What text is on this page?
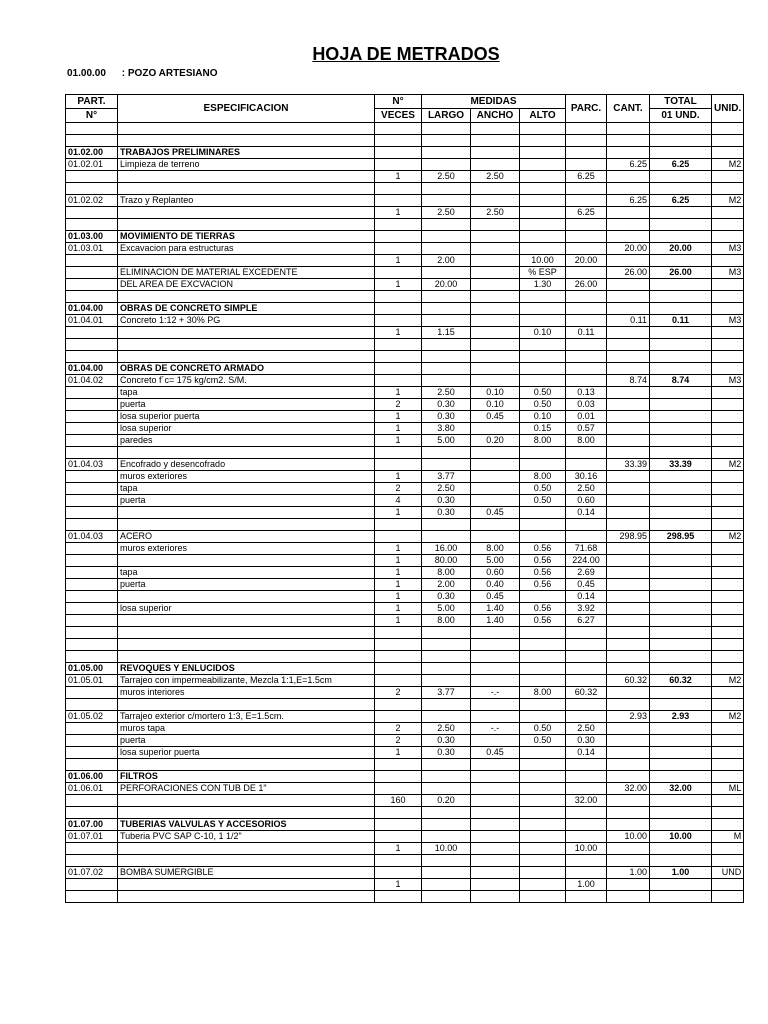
HOJA DE METRADOS
01.00.00 : POZO ARTESIANO
PART.	ESPECIFICACION	N°	MEDIDAS			PARC.	CANT.	TOTAL	UNID.
N°		VECES	LARGO	ANCHO	ALTO			01 UND.	

01.02.00	TRABAJOS PRELIMINARES								
01.02.01	Limpieza de terreno						6.25	6.25	M2
		1	2.50	2.50		6.25			

01.02.02	Trazo y Replanteo						6.25	6.25	M2
		1	2.50	2.50		6.25			

01.03.00	MOVIMIENTO DE TIERRAS								
01.03.01	Excavacion para estructuras						20.00	20.00	M3
		1	2.00		10.00	20.00			
	ELIMINACION DE MATERIAL EXCEDENTE				% ESP		26.00	26.00	M3
	DEL AREA DE EXCVACION	1	20.00		1.30	26.00			

01.04.00	OBRAS DE CONCRETO SIMPLE								
01.04.01	Concreto 1:12 + 30% PG						0.11	0.11	M3
		1	1.15		0.10	0.11			

01.04.00	OBRAS DE CONCRETO ARMADO								
01.04.02	Concreto f´c= 175 kg/cm2. S/M.						8.74	8.74	M3
	tapa	1	2.50	0.10	0.50	0.13			
	puerta	2	0.30	0.10	0.50	0.03			
	losa superior puerta	1	0.30	0.45	0.10	0.01			
	losa superior	1	3.80		0.15	0.57			
	paredes	1	5.00	0.20	8.00	8.00			

01.04.03	Encofrado y desencofrado						33.39	33.39	M2
	muros exteriores	1	3.77		8.00	30.16			
	tapa	2	2.50		0.50	2.50			
	puerta	4	0.30		0.50	0.60			
		1	0.30	0.45		0.14			

01.04.03	ACERO						298.95	298.95	M2
	muros exteriores	1	16.00	8.00	0.56	71.68			
		1	80.00	5.00	0.56	224.00			
	tapa	1	8.00	0.60	0.56	2.69			
	puerta	1	2.00	0.40	0.56	0.45			
		1	0.30	0.45		0.14			
	losa superior	1	5.00	1.40	0.56	3.92			
		1	8.00	1.40	0.56	6.27			

01.05.00	REVOQUES Y ENLUCIDOS								
01.05.01	Tarrajeo con impermeabilizante, Mezcla 1:1,E=1.5cm						60.32	60.32	M2
	muros interiores	2	3.77	-.-	8.00	60.32			

01.05.02	Tarrajeo exterior c/mortero 1:3, E=1.5cm.						2.93	2.93	M2
	muros tapa	2	2.50	-.-	0.50	2.50			
	puerta	2	0.30		0.50	0.30			
	losa superior puerta	1	0.30	0.45		0.14			

01.06.00	FILTROS								
01.06.01	PERFORACIONES CON TUB DE 1"						32.00	32.00	ML
		160	0.20			32.00			

01.07.00	TUBERIAS VALVULAS Y ACCESORIOS								
01.07.01	Tuberia PVC SAP C-10, 1 1/2"						10.00	10.00	M
		1	10.00			10.00			

01.07.02	BOMBA SUMERGIBLE						1.00	1.00	UND
		1				1.00			
